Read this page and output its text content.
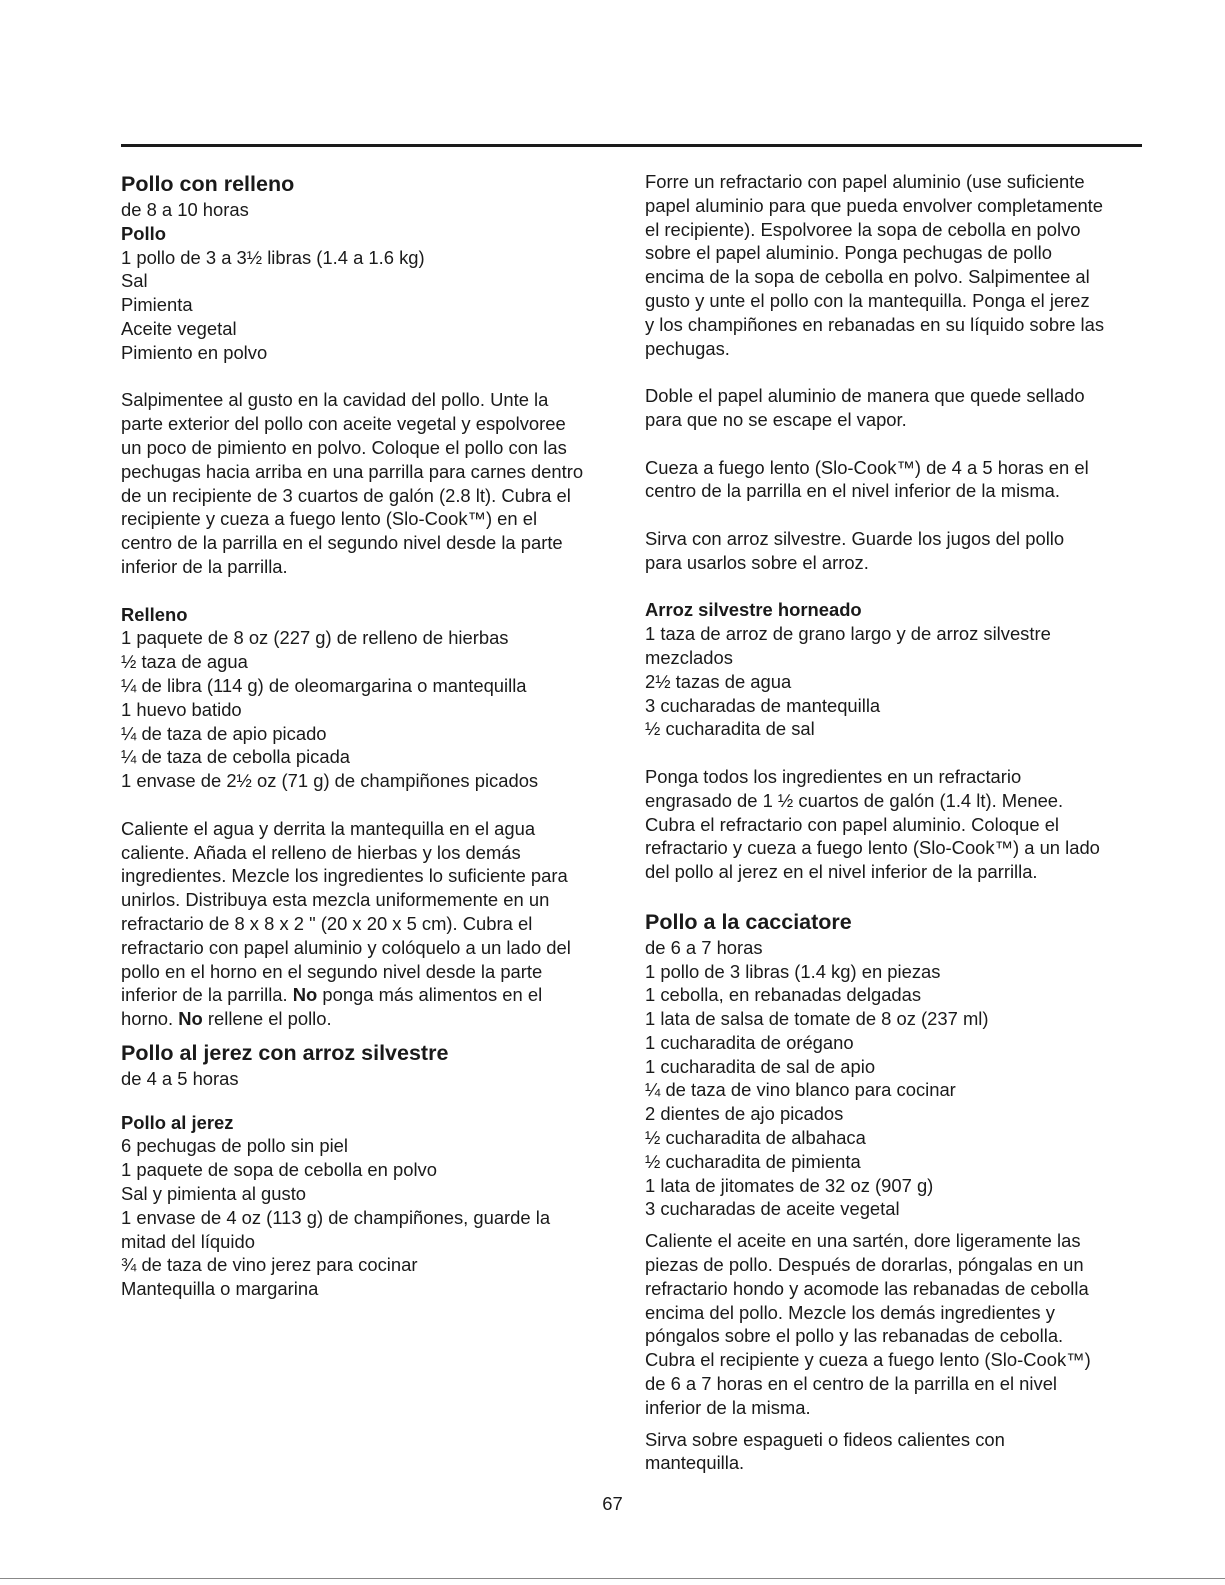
Pollo con relleno
de 8 a 10 horas
Pollo
1 pollo de 3 a 3½ libras (1.4 a 1.6 kg)
Sal
Pimienta
Aceite vegetal
Pimiento en polvo
Salpimentee al gusto en la cavidad del pollo. Unte la
parte exterior del pollo con aceite vegetal y espolvoree
un poco de pimiento en polvo. Coloque el pollo con las
pechugas hacia arriba en una parrilla para carnes dentro
de un recipiente de 3 cuartos de galón (2.8 lt). Cubra el
recipiente y cueza a fuego lento (Slo-Cook™) en el
centro de la parrilla en el segundo nivel desde la parte
inferior de la parrilla.
Relleno
1 paquete de 8 oz (227 g) de relleno de hierbas
½ taza de agua
¼ de libra (114 g) de oleomargarina o mantequilla
1 huevo batido
¼ de taza de apio picado
¼ de taza de cebolla picada
1 envase de 2½ oz (71 g) de champiñones picados
Caliente el agua y derrita la mantequilla en el agua
caliente. Añada el relleno de hierbas y los demás
ingredientes. Mezcle los ingredientes lo suficiente para
unirlos. Distribuya esta mezcla uniformemente en un
refractario de 8 x 8 x 2 " (20 x 20 x 5 cm). Cubra el
refractario con papel aluminio y colóquelo a un lado del
pollo en el horno en el segundo nivel desde la parte
inferior de la parrilla. No ponga más alimentos en el
horno. No rellene el pollo.
Pollo al jerez con arroz silvestre
de 4 a 5 horas
Pollo al jerez
6 pechugas de pollo sin piel
1 paquete de sopa de cebolla en polvo
Sal y pimienta al gusto
1 envase de 4 oz (113 g) de champiñones, guarde la
mitad del líquido
¾ de taza de vino jerez para cocinar
Mantequilla o margarina
Forre un refractario con papel aluminio (use suficiente
papel aluminio para que pueda envolver completamente
el recipiente). Espolvoree la sopa de cebolla en polvo
sobre el papel aluminio. Ponga pechugas de pollo
encima de la sopa de cebolla en polvo. Salpimentee al
gusto y unte el pollo con la mantequilla. Ponga el jerez
y los champiñones en rebanadas en su líquido sobre las
pechugas.
Doble el papel aluminio de manera que quede sellado
para que no se escape el vapor.
Cueza a fuego lento (Slo-Cook™) de 4 a 5 horas en el
centro de la parrilla en el nivel inferior de la misma.
Sirva con arroz silvestre. Guarde los jugos del pollo
para usarlos sobre el arroz.
Arroz silvestre horneado
1 taza de arroz de grano largo y de arroz silvestre
mezclados
2½ tazas de agua
3 cucharadas de mantequilla
½ cucharadita de sal
Ponga todos los ingredientes en un refractario
engrasado de 1 ½ cuartos de galón (1.4 lt). Menee.
Cubra el refractario con papel aluminio. Coloque el
refractario y cueza a fuego lento (Slo-Cook™) a un lado
del pollo al jerez en el nivel inferior de la parrilla.
Pollo a la cacciatore
de 6 a 7 horas
1 pollo de 3 libras (1.4 kg) en piezas
1 cebolla, en rebanadas delgadas
1 lata de salsa de tomate de 8 oz (237 ml)
1 cucharadita de orégano
1 cucharadita de sal de apio
¼ de taza de vino blanco para cocinar
2 dientes de ajo picados
½ cucharadita de albahaca
½ cucharadita de pimienta
1 lata de jitomates de 32 oz (907 g)
3 cucharadas de aceite vegetal
Caliente el aceite en una sartén, dore ligeramente las
piezas de pollo. Después de dorarlas, póngalas en un
refractario hondo y acomode las rebanadas de cebolla
encima del pollo. Mezcle los demás ingredientes y
póngalos sobre el pollo y las rebanadas de cebolla.
Cubra el recipiente y cueza a fuego lento (Slo-Cook™)
de 6 a 7 horas en el centro de la parrilla en el nivel
inferior de la misma.
Sirva sobre espagueti o fideos calientes con
mantequilla.
67
